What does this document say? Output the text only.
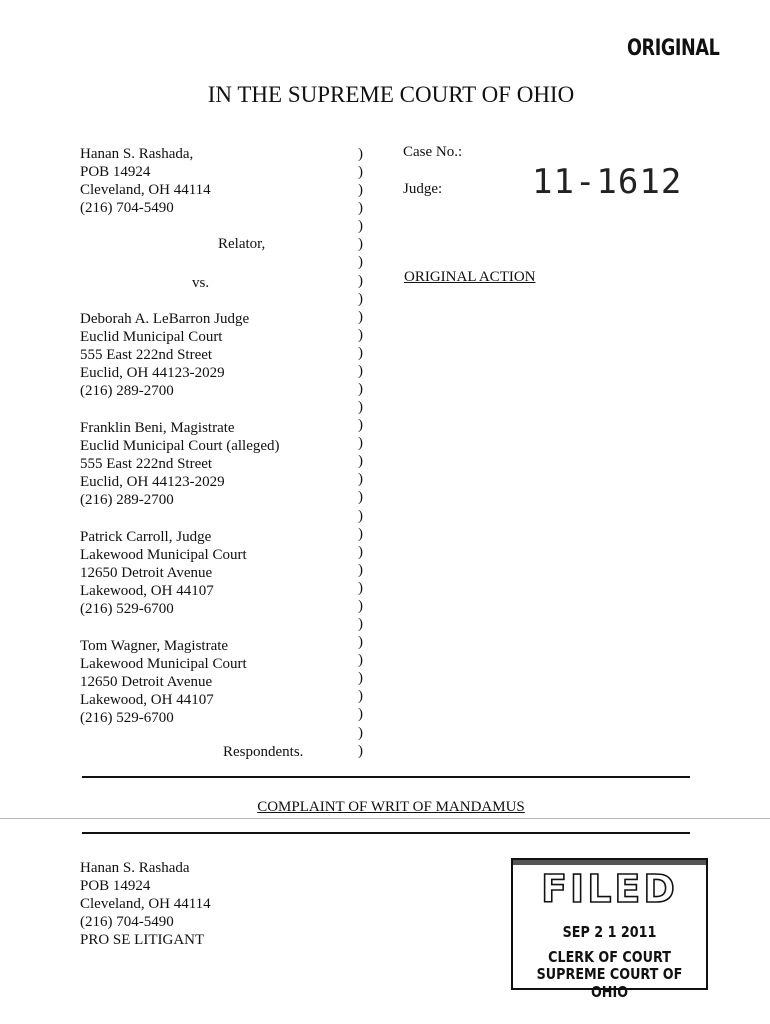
ORIGINAL
IN THE SUPREME COURT OF OHIO
Hanan S. Rashada,
POB 14924
Cleveland, OH 44114
(216) 704-5490
Relator,
vs.
Deborah A. LeBarron Judge
Euclid Municipal Court
555 East 222nd Street
Euclid, OH 44123-2029
(216) 289-2700
Franklin Beni, Magistrate
Euclid Municipal Court (alleged)
555 East 222nd Street
Euclid, OH 44123-2029
(216) 289-2700
Patrick Carroll, Judge
Lakewood Municipal Court
12650 Detroit Avenue
Lakewood, OH 44107
(216) 529-6700
Tom Wagner, Magistrate
Lakewood Municipal Court
12650 Detroit Avenue
Lakewood, OH 44107
(216) 529-6700
Respondents.
)
)
)
)
)
)
)
)
)
)
)
)
)
)
)
)
)
)
)
)
)
)
)
)
)
)
)
)
)
)
)
)
)
)
Case No.:
Judge:	11-1612
ORIGINAL ACTION
COMPLAINT OF WRIT OF MANDAMUS
Hanan S. Rashada
POB 14924
Cleveland, OH 44114
(216) 704-5490
PRO SE LITIGANT
FILED
SEP 2 1 2011
CLERK OF COURT
SUPREME COURT OF OHIO
